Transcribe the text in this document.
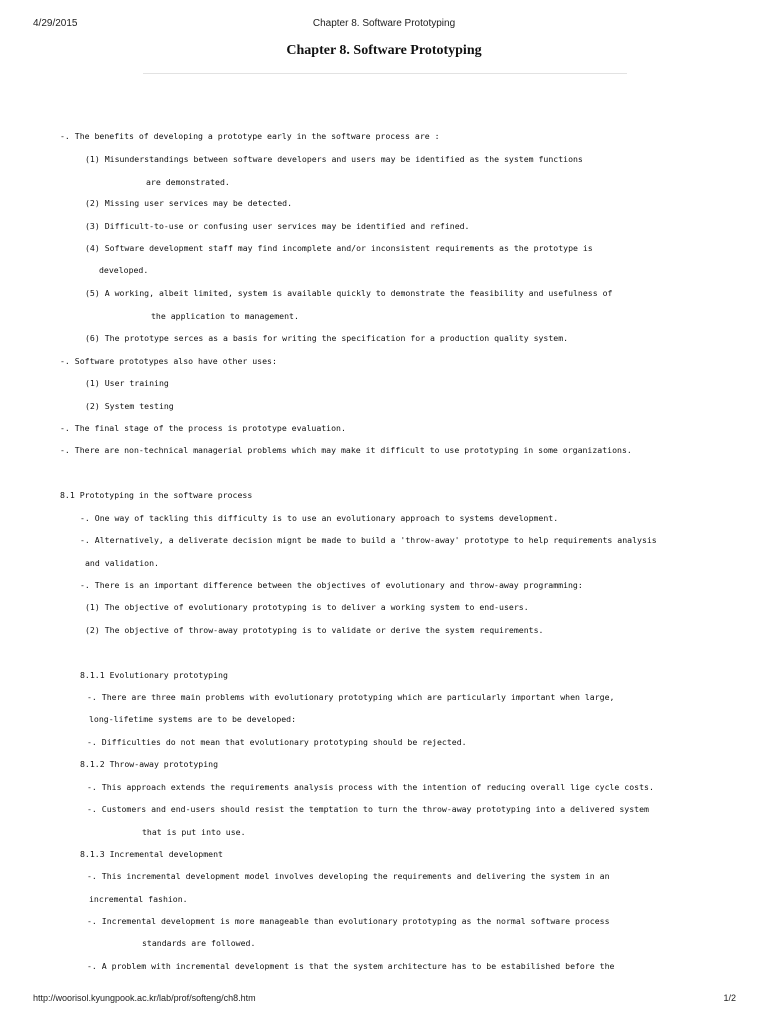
4/29/2015	Chapter 8. Software Prototyping
Chapter 8. Software Prototyping
-. The benefits of developing a prototype early in the software process are :
(1) Misunderstandings between software developers and users may be identified as the system functions
are demonstrated.
(2) Missing user services may be detected.
(3) Difficult-to-use or confusing user services may be identified and refined.
(4) Software development staff may find incomplete and/or inconsistent requirements as the prototype is
developed.
(5) A working, albeit limited, system is available quickly to demonstrate the feasibility and usefulness of
the application to management.
(6) The prototype serces as a basis for writing the specification for a production quality system.
-. Software prototypes also have other uses:
(1) User training
(2) System testing
-. The final stage of the process is prototype evaluation.
-. There are non-technical managerial problems which may make it difficult to use prototyping in some organizations.
8.1 Prototyping in the software process
-. One way of tackling this difficulty is to use an evolutionary approach to systems development.
-. Alternatively, a deliverate decision mignt be made to build a 'throw-away' prototype to help requirements analysis
and validation.
-. There is an important difference between the objectives of evolutionary and throw-away programming:
(1) The objective of evolutionary prototyping is to deliver a working system to end-users.
(2) The objective of throw-away prototyping is to validate or derive the system requirements.
8.1.1 Evolutionary prototyping
-. There are three main problems with evolutionary prototyping which are particularly important when large,
long-lifetime systems are to be developed:
-. Difficulties do not mean that evolutionary prototyping should be rejected.
8.1.2 Throw-away prototyping
-. This approach extends the requirements analysis process with the intention of reducing overall lige cycle costs.
-. Customers and end-users should resist the temptation to turn the throw-away prototyping into a delivered system
that is put into use.
8.1.3 Incremental development
-. This incremental development model involves developing the requirements and delivering the system in an
incremental fashion.
-. Incremental development is more manageable than evolutionary prototyping as the normal software process
standards are followed.
-. A problem with incremental development is that the system architecture has to be estabilished before the
http://woorisol.kyungpook.ac.kr/lab/prof/softeng/ch8.htm	1/2
